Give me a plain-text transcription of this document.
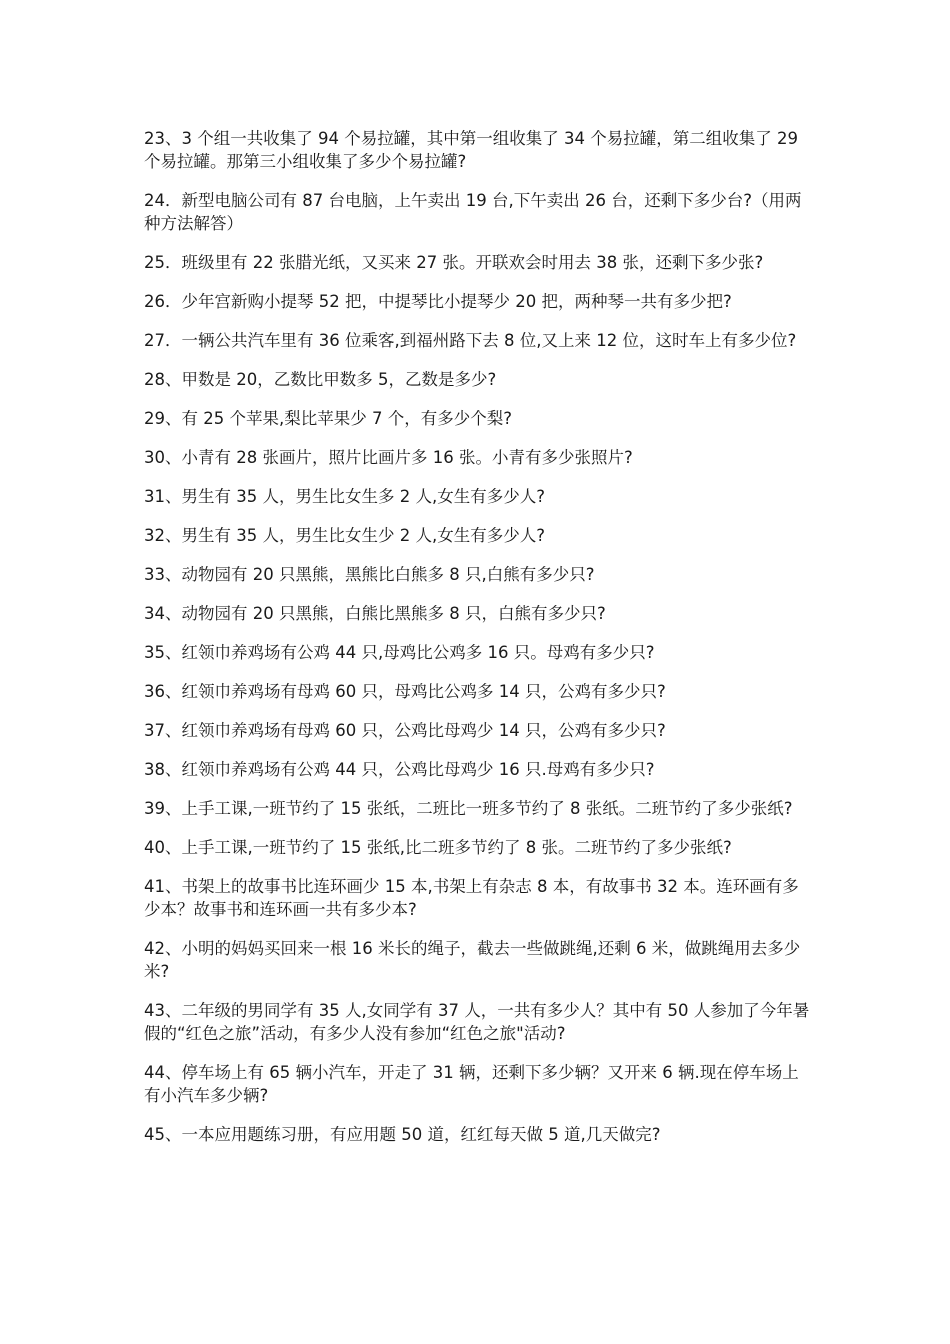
23、3 个组一共收集了 94 个易拉罐，其中第一组收集了 34 个易拉罐，第二组收集了 29 个易拉罐。那第三小组收集了多少个易拉罐?
24．新型电脑公司有 87 台电脑，上午卖出 19 台,下午卖出 26 台，还剩下多少台?（用两种方法解答）
25．班级里有 22 张腊光纸，又买来 27 张。开联欢会时用去 38 张，还剩下多少张?
26．少年宫新购小提琴 52 把，中提琴比小提琴少 20 把，两种琴一共有多少把?
27．一辆公共汽车里有 36 位乘客,到福州路下去 8 位,又上来 12 位，这时车上有多少位?
28、甲数是 20，乙数比甲数多 5，乙数是多少?
29、有 25 个苹果,梨比苹果少 7 个，有多少个梨?
30、小青有 28 张画片，照片比画片多 16 张。小青有多少张照片?
31、男生有 35 人，男生比女生多 2 人,女生有多少人?
32、男生有 35 人，男生比女生少 2 人,女生有多少人?
33、动物园有 20 只黑熊，黑熊比白熊多 8 只,白熊有多少只?
34、动物园有 20 只黑熊，白熊比黑熊多 8 只，白熊有多少只?
35、红领巾养鸡场有公鸡 44 只,母鸡比公鸡多 16 只。母鸡有多少只?
36、红领巾养鸡场有母鸡 60 只，母鸡比公鸡多 14 只，公鸡有多少只?
37、红领巾养鸡场有母鸡 60 只，公鸡比母鸡少 14 只，公鸡有多少只?
38、红领巾养鸡场有公鸡 44 只，公鸡比母鸡少 16 只.母鸡有多少只?
39、上手工课,一班节约了 15 张纸，二班比一班多节约了 8 张纸。二班节约了多少张纸?
40、上手工课,一班节约了 15 张纸,比二班多节约了 8 张。二班节约了多少张纸?
41、书架上的故事书比连环画少 15 本,书架上有杂志 8 本，有故事书 32 本。连环画有多少本？故事书和连环画一共有多少本?
42、小明的妈妈买回来一根 16 米长的绳子，截去一些做跳绳,还剩 6 米，做跳绳用去多少米?
43、二年级的男同学有 35 人,女同学有 37 人，一共有多少人？其中有 50 人参加了今年暑假的“红色之旅”活动，有多少人没有参加“红色之旅"活动?
44、停车场上有 65 辆小汽车，开走了 31 辆，还剩下多少辆？又开来 6 辆.现在停车场上有小汽车多少辆?
45、一本应用题练习册，有应用题 50 道，红红每天做 5 道,几天做完?
